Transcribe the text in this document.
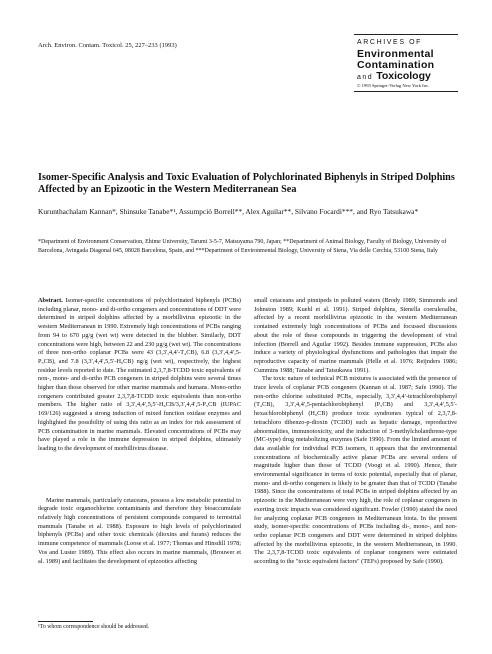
Arch. Environ. Contam. Toxicol. 25, 227–233 (1993)	ARCHIVES OF
Environmental
Contamination
and Toxicology
© 1993 Springer-Verlag New York Inc.
Isomer-Specific Analysis and Toxic Evaluation of Polychlorinated Biphenyls in Striped Dolphins Affected by an Epizootic in the Western Mediterranean Sea
Kurunthachalam Kannan*, Shinsuke Tanabe*¹, Assumpció Borrell**, Alex Aguilar**, Silvano Focardi***, and Ryo Tatsukawa*
*Department of Environment Conservation, Ehime University, Tarumi 3-5-7, Matsuyama 790, Japan; **Department of Animal Biology, Faculty of Biology, University of Barcelona, Avingada Diagonal 645, 08028 Barcelona, Spain, and ***Department of Environmental Biology, University of Siena, Via delle Cerchia, 53100 Siena, Italy

Abstract. Isomer-specific concentrations of polychlorinated biphenyls (PCBs) including planar, mono- and di-ortho congeners and concentrations of DDT were determined in striped dolphins affected by a morbillivirus epizootic in the western Mediterranean in 1990. Extremely high concentrations of PCBs ranging from 94 to 670 µg/g (wet wt) were detected in the blubber. Similarly, DDT concentrations were high, between 22 and 230 µg/g (wet wt). The concentrations of three non-ortho coplanar PCBs were 43 (3,3′,4,4′-T₄CB), 6.8 (3,3′,4,4′,5-P₅CB), and 7.8 (3,3′,4,4′,5,5′-H₆CB) ng/g (wet wt), respectively, the highest residue levels reported to date. The estimated 2,3,7,8-TCDD toxic equivalents of non-, mono- and di-ortho PCB congeners in striped dolphins were several times higher than those observed for other marine mammals and humans. Mono-ortho congeners contributed greater 2,3,7,8-TCDD toxic equivalents than non-ortho members. The higher ratio of 3,3′,4,4′,5,5′-H₆CB/3,3′,4,4′,5-P₅CB (IUPAC 169/126) suggested a strong induction of mixed function oxidase enzymes and highlighted the possibility of using this ratio as an index for risk assessment of PCB contamination in marine mammals. Elevated concentrations of PCBs may have played a role in the immune depression in striped dolphins, ultimately leading to the development of morbillivirus disease.

Marine mammals, particularly cetaceans, possess a low metabolic potential to degrade toxic organochlorine contaminants and therefore they bioaccumulate relatively high concentrations of persistent compounds compared to terrestrial mammals (Tanabe et al. 1988). Exposure to high levels of polychlorinated biphenyls (PCBs) and other toxic chemicals (dioxins and furans) reduces the immune competence of mammals (Loose et al. 1977; Thomas and Hinsdill 1978; Vos and Luster 1989). This effect also occurs in marine mammals, (Brouwer et al. 1989) and facilitates the development of epizootics affecting

small cetaceans and pinnipeds in polluted waters (Brody 1989; Simmonds and Johnston 1989; Kuehl et al. 1991). Striped dolphins, Stenella coeruleoalba, affected by a recent morbillivirus epizootic in the western Mediterranean contained extremely high concentrations of PCBs and focussed discussions about the role of these compounds in triggering the development of viral infection (Borrell and Aguilar 1992). Besides immune suppression, PCBs also induce a variety of physiological dysfunctions and pathologies that impair the reproductive capacity of marine mammals (Helle et al. 1976; Reijnders 1986; Cummins 1988; Tanabe and Tatsukawa 1991).

The toxic nature of technical PCB mixtures is associated with the presence of trace levels of coplanar PCB congeners (Kannan et al. 1987; Safe 1990). The non-ortho chlorine substituted PCBs, especially, 3,3′,4,4′-tetrachlorobiphenyl (T₄CB), 3,3′,4,4′,5-pentachlorobiphenyl (P₅CB) and 3,3′,4,4′,5,5′-hexachlorobiphenyl (H₆CB) produce toxic syndromes typical of 2,3,7,8-tetrachloro dibenzo-p-dioxin (TCDD) such as hepatic damage, reproductive abnormalities, immunotoxicity, and the induction of 3-methylcholanthrene-type (MC-type) drug metabolizing enzymes (Safe 1990). From the limited amount of data available for individual PCB isomers, it appears that the environmental concentrations of biochemically active planar PCBs are several orders of magnitude higher than those of TCDD (Voogt et al. 1990). Hence, their environmental significance in terms of toxic potential, especially that of planar, mono- and di-ortho congeners is likely to be greater than that of TCDD (Tanabe 1988). Since the concentrations of total PCBs in striped dolphins affected by an epizootic in the Mediterranean were very high, the role of coplanar congeners in exerting toxic impacts was considered significant. Fowler (1990) stated the need for analyzing coplanar PCB congeners in Mediterranean biota. In the present study, isomer-specific concentrations of PCBs including di-, mono-, and non-ortho coplanar PCB congeners and DDT were determined in striped dolphins affected by the morbillivirus epizootic, in the western Mediterranean, in 1990. The 2,3,7,8-TCDD toxic equivalents of coplanar congeners were estimated according to the "toxic equivalent factors" (TEFs) proposed by Safe (1990).

¹To whom correspondence should be addressed.
